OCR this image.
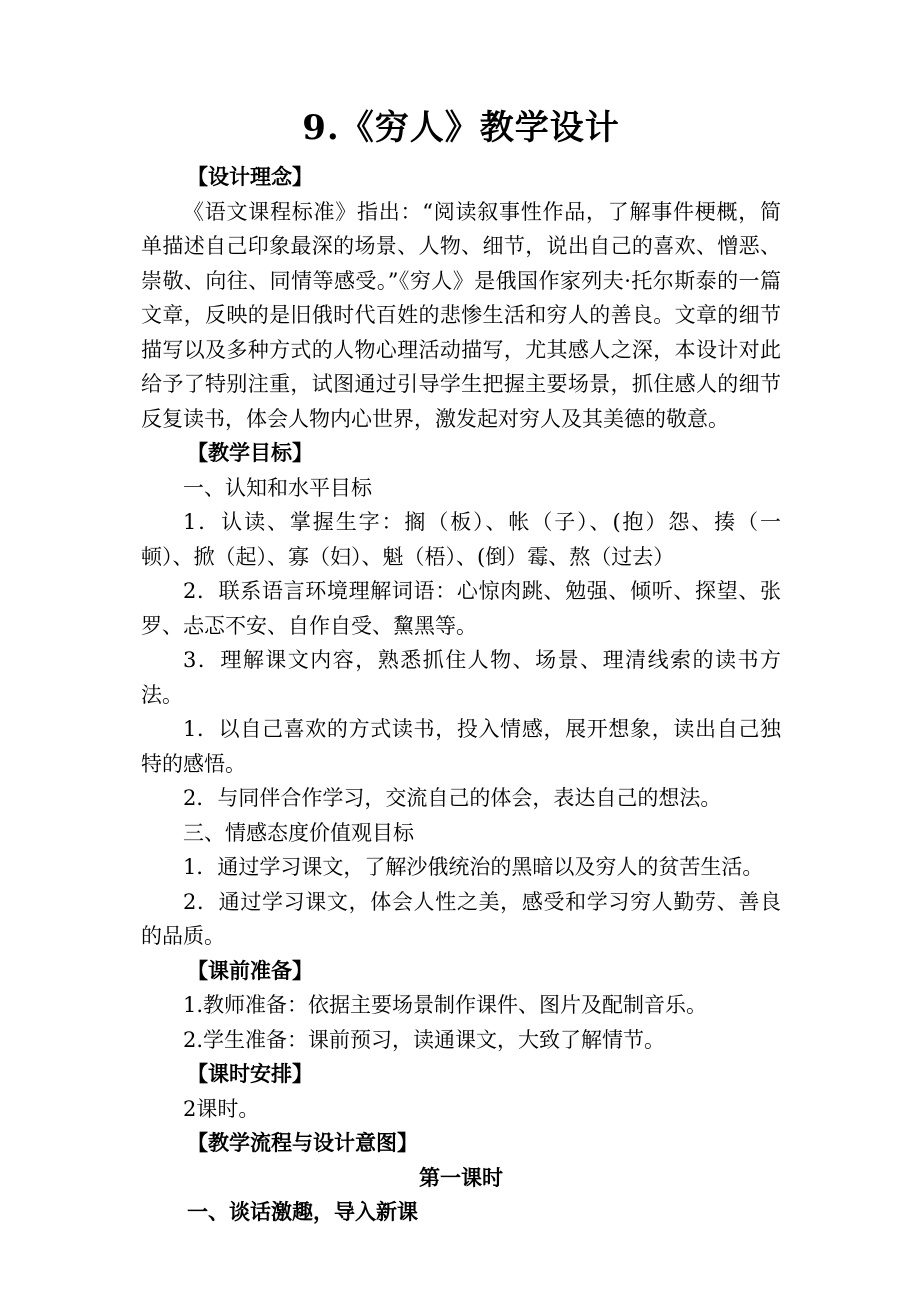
9.《穷人》教学设计

【设计理念】

《语文课程标准》指出：“阅读叙事性作品，了解事件梗概，简单描述自己印象最深的场景、人物、细节，说出自己的喜欢、憎恶、崇敬、向往、同情等感受。”《穷人》是俄国作家列夫·托尔斯泰的一篇文章，反映的是旧俄时代百姓的悲惨生活和穷人的善良。文章的细节描写以及多种方式的人物心理活动描写，尤其感人之深，本设计对此给予了特别注重，试图通过引导学生把握主要场景，抓住感人的细节反复读书，体会人物内心世界，激发起对穷人及其美德的敬意。

【教学目标】

一、认知和水平目标

1．认读、掌握生字：搁（板）、帐（子）、(抱）怨、揍（一顿）、掀（起）、寡（妇）、魁（梧）、(倒）霉、熬（过去）

2．联系语言环境理解词语：心惊肉跳、勉强、倾听、探望、张罗、忐忑不安、自作自受、黧黑等。

3．理解课文内容，熟悉抓住人物、场景、理清线索的读书方法。

1．以自己喜欢的方式读书，投入情感，展开想象，读出自己独特的感悟。

2．与同伴合作学习，交流自己的体会，表达自己的想法。

三、情感态度价值观目标

1．通过学习课文，了解沙俄统治的黑暗以及穷人的贫苦生活。

2．通过学习课文，体会人性之美，感受和学习穷人勤劳、善良的品质。

【课前准备】

1.教师准备：依据主要场景制作课件、图片及配制音乐。

2.学生准备：课前预习，读通课文，大致了解情节。

【课时安排】

2课时。

【教学流程与设计意图】

第一课时

一、谈话激趣，导入新课
